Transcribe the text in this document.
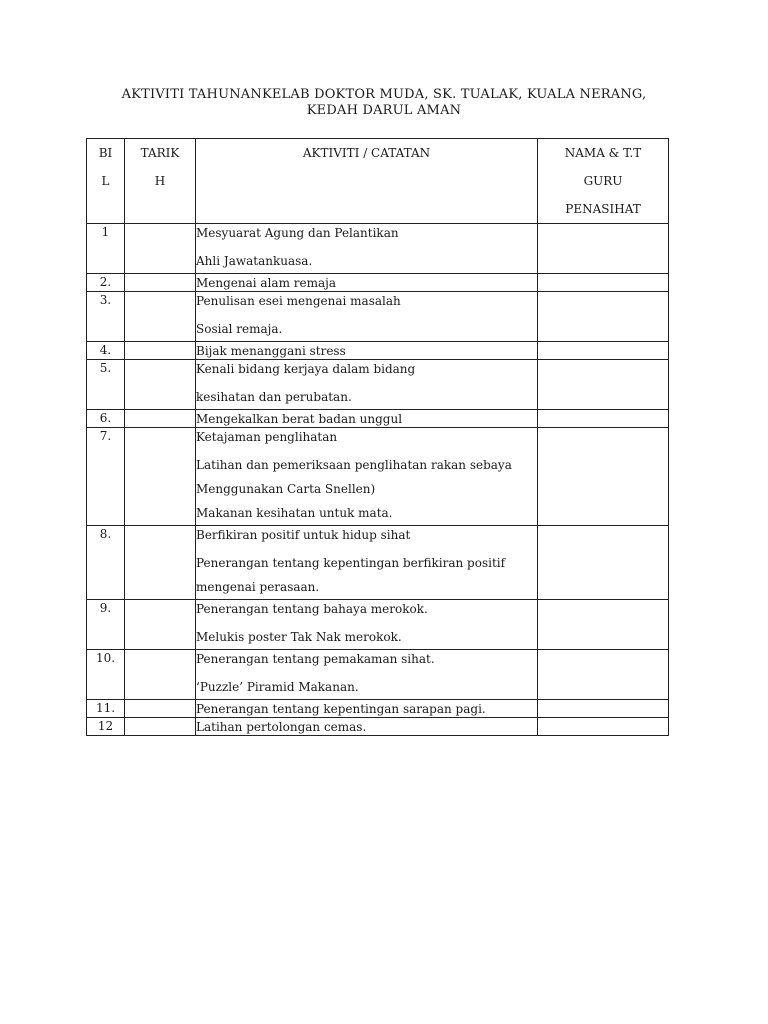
AKTIVITI TAHUNANKELAB DOKTOR MUDA, SK. TUALAK, KUALA NERANG,
KEDAH DARUL AMAN
BI
L	TARIK
H	AKTIVITI / CATATAN	NAMA & T.T
GURU
PENASIHAT

1		Mesyuarat Agung dan Pelantikan
Ahli Jawatankuasa.	

2.		Mengenai alam remaja	

3.		Penulisan esei mengenai masalah
Sosial remaja.	

4.		Bijak menanggani stress	

5.		Kenali bidang kerjaya dalam bidang
kesihatan dan perubatan.	

6.		Mengekalkan berat badan unggul	

7.		Ketajaman penglihatan
Latihan dan pemeriksaan penglihatan rakan sebaya
Menggunakan Carta Snellen)
Makanan kesihatan untuk mata.	

8.		Berfikiran positif untuk hidup sihat
Penerangan tentang kepentingan berfikiran positif
mengenai perasaan.	

9.		Penerangan tentang bahaya merokok.
Melukis poster Tak Nak merokok.	

10.		Penerangan tentang pemakaman sihat.
‘Puzzle’ Piramid Makanan.	

11.		Penerangan tentang kepentingan sarapan pagi.	

12		Latihan pertolongan cemas.	
